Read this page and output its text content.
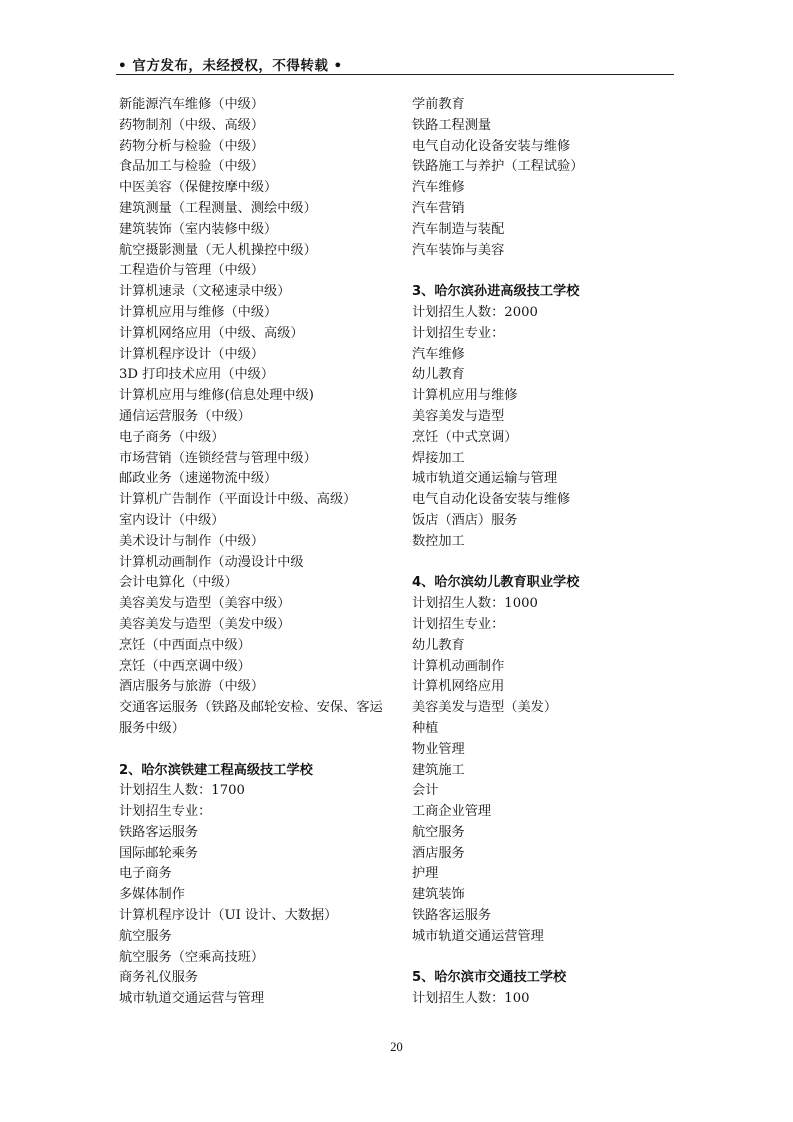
• 官方发布，未经授权，不得转载 •
新能源汽车维修（中级）
药物制剂（中级、高级）
药物分析与检验（中级）
食品加工与检验（中级）
中医美容（保健按摩中级）
建筑测量（工程测量、测绘中级）
建筑装饰（室内装修中级）
航空摄影测量（无人机操控中级）
工程造价与管理（中级）
计算机速录（文秘速录中级）
计算机应用与维修（中级）
计算机网络应用（中级、高级）
计算机程序设计（中级）
3D 打印技术应用（中级）
计算机应用与维修(信息处理中级)
通信运营服务（中级）
电子商务（中级）
市场营销（连锁经营与管理中级）
邮政业务（速递物流中级）
计算机广告制作（平面设计中级、高级）
室内设计（中级）
美术设计与制作（中级）
计算机动画制作（动漫设计中级
会计电算化（中级）
美容美发与造型（美容中级）
美容美发与造型（美发中级）
烹饪（中西面点中级）
烹饪（中西烹调中级）
酒店服务与旅游（中级）
交通客运服务（铁路及邮轮安检、安保、客运服务中级）
2、哈尔滨铁建工程高级技工学校
计划招生人数：1700
计划招生专业：
铁路客运服务
国际邮轮乘务
电子商务
多媒体制作
计算机程序设计（UI 设计、大数据）
航空服务
航空服务（空乘高技班）
商务礼仪服务
城市轨道交通运营与管理
学前教育
铁路工程测量
电气自动化设备安装与维修
铁路施工与养护（工程试验）
汽车维修
汽车营销
汽车制造与装配
汽车装饰与美容
3、哈尔滨孙进高级技工学校
计划招生人数：2000
计划招生专业：
汽车维修
幼儿教育
计算机应用与维修
美容美发与造型
烹饪（中式烹调）
焊接加工
城市轨道交通运输与管理
电气自动化设备安装与维修
饭店（酒店）服务
数控加工
4、哈尔滨幼儿教育职业学校
计划招生人数：1000
计划招生专业：
幼儿教育
计算机动画制作
计算机网络应用
美容美发与造型（美发）
种植
物业管理
建筑施工
会计
工商企业管理
航空服务
酒店服务
护理
建筑装饰
铁路客运服务
城市轨道交通运营管理
5、哈尔滨市交通技工学校
计划招生人数：100
20
